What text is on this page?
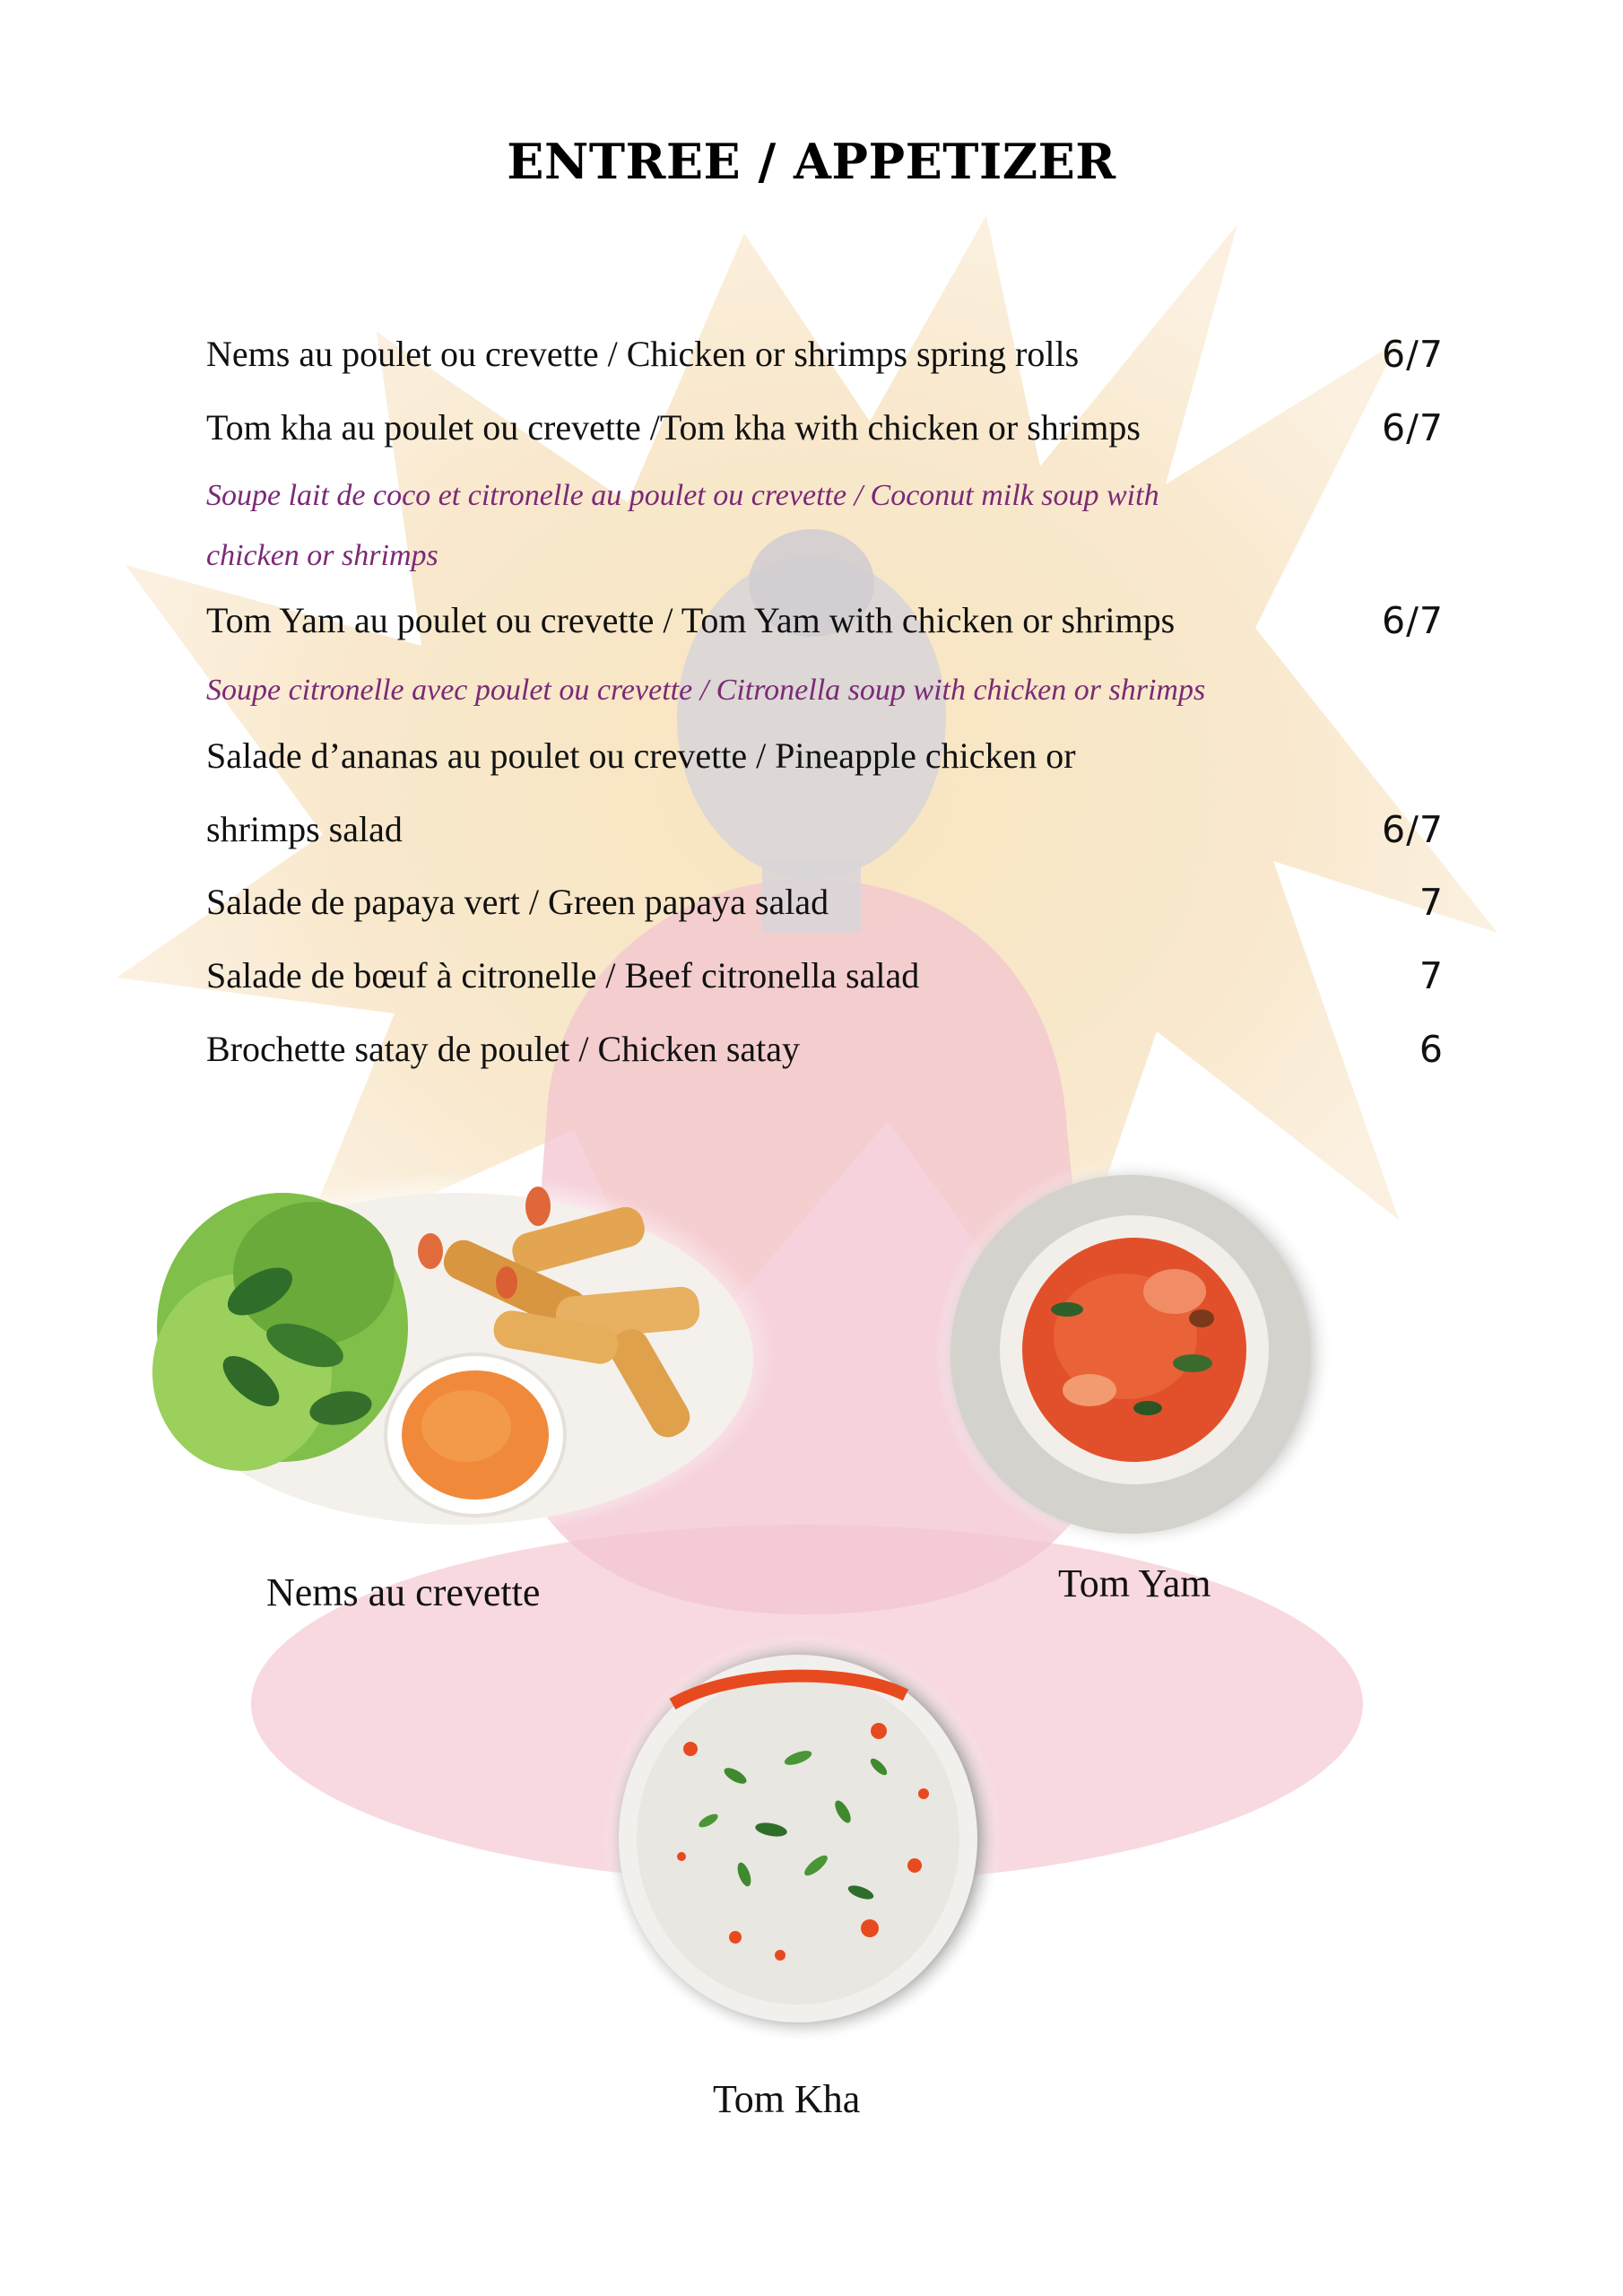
ENTREE / APPETIZER
Nems au poulet ou crevette / Chicken or shrimps spring rolls	6/7
Tom kha au poulet ou crevette /Tom kha with chicken or shrimps	6/7
Soupe lait de coco et citronelle au poulet ou crevette / Coconut milk soup with
chicken or shrimps
Tom Yam au poulet ou crevette / Tom Yam with chicken or shrimps	6/7
Soupe citronelle avec poulet ou crevette / Citronella soup with chicken or shrimps
Salade d’ananas au poulet ou crevette / Pineapple chicken or
shrimps salad	6/7
Salade de papaya vert / Green papaya salad	7
Salade de bœuf à citronelle / Beef citronella salad	7
Brochette satay de poulet / Chicken satay	6
Nems au crevette	Tom Yam
Tom Kha
